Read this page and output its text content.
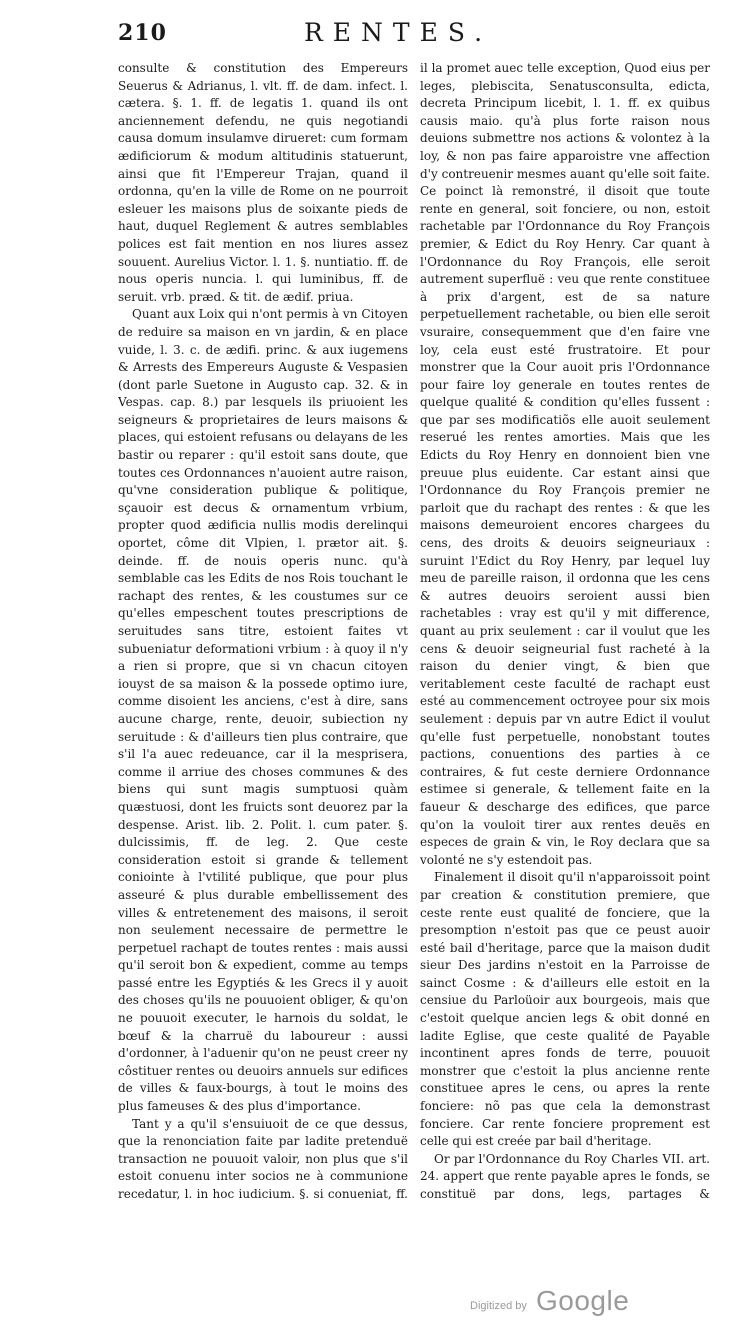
210	RENTES.

consulte & constitution des Empereurs Seuerus & Adrianus, l. vlt. ff. de dam. infect. l. cætera. §. 1. ff. de legatis 1. quand ils ont anciennement defendu, ne quis negotiandi causa domum insulamve dirueret: cum formam ædificiorum & modum altitudinis statuerunt, ainsi que fit l'Empereur Trajan, quand il ordonna, qu'en la ville de Rome on ne pourroit esleuer les maisons plus de soixante pieds de haut, duquel Reglement & autres semblables polices est fait mention en nos liures assez souuent. Aurelius Victor. l. 1. §. nuntiatio. ff. de nous operis nuncia. l. qui luminibus, ff. de seruit. vrb. præd. & tit. de ædif. priua.

Quant aux Loix qui n'ont permis à vn Citoyen de reduire sa maison en vn jardin, & en place vuide, l. 3. c. de ædifi. princ. & aux iugemens & Arrests des Empereurs Auguste & Vespasien (dont parle Suetone in Augusto cap. 32. & in Vespas. cap. 8.) par lesquels ils priuoient les seigneurs & proprietaires de leurs maisons & places, qui estoient refusans ou delayans de les bastir ou reparer : qu'il estoit sans doute, que toutes ces Ordonnances n'auoient autre raison, qu'vne consideration publique & politique, sçauoir est decus & ornamentum vrbium, propter quod ædificia nullis modis derelinqui oportet, côme dit Vlpien, l. prætor ait. §. deinde. ff. de nouis operis nunc. qu'à semblable cas les Edits de nos Rois touchant le rachapt des rentes, & les coustumes sur ce qu'elles empeschent toutes prescriptions de seruitudes sans titre, estoient faites vt subueniatur deformationi vrbium : à quoy il n'y a rien si propre, que si vn chacun citoyen iouyst de sa maison & la possede optimo iure, comme disoient les anciens, c'est à dire, sans aucune charge, rente, deuoir, subiection ny seruitude : & d'ailleurs tien plus contraire, que s'il l'a auec redeuance, car il la mesprisera, comme il arriue des choses communes & des biens qui sunt magis sumptuosi quàm quæstuosi, dont les fruicts sont deuorez par la despense. Arist. lib. 2. Polit. l. cum pater. §. dulcissimis, ff. de leg. 2. Que ceste consideration estoit si grande & tellement coniointe à l'vtilité publique, que pour plus asseuré & plus durable embellissement des villes & entretenement des maisons, il seroit non seulement necessaire de permettre le perpetuel rachapt de toutes rentes : mais aussi qu'il seroit bon & expedient, comme au temps passé entre les Egyptiés & les Grecs il y auoit des choses qu'ils ne pouuoient obliger, & qu'on ne pouuoit executer, le harnois du soldat, le bœuf & la charruë du laboureur : aussi d'ordonner, à l'aduenir qu'on ne peust creer ny côstituer rentes ou deuoirs annuels sur edifices de villes & faux-bourgs, à tout le moins des plus fameuses & des plus d'importance.

Tant y a qu'il s'ensuiuoit de ce que dessus, que la renonciation faite par ladite pretenduë transaction ne pouuoit valoir, non plus que s'il estoit conuenu inter socios ne à communione recedatur, l. in hoc iudicium. §. si conueniat, ff.

il la promet auec telle exception, Quod eius per leges, plebiscita, Senatusconsulta, edicta, decreta Principum licebit, l. 1. ff. ex quibus causis maio. qu'à plus forte raison nous deuions submettre nos actions & volontez à la loy, & non pas faire apparoistre vne affection d'y contreuenir mesmes auant qu'elle soit faite. Ce poinct là remonstré, il disoit que toute rente en general, soit fonciere, ou non, estoit rachetable par l'Ordonnance du Roy François premier, & Edict du Roy Henry. Car quant à l'Ordonnance du Roy François, elle seroit autrement superfluë : veu que rente constituee à prix d'argent, est de sa nature perpetuellement rachetable, ou bien elle seroit vsuraire, consequemment que d'en faire vne loy, cela eust esté frustratoire. Et pour monstrer que la Cour auoit pris l'Ordonnance pour faire loy generale en toutes rentes de quelque qualité & condition qu'elles fussent : que par ses modificatiõs elle auoit seulement reserué les rentes amorties. Mais que les Edicts du Roy Henry en donnoient bien vne preuue plus euidente. Car estant ainsi que l'Ordonnance du Roy François premier ne parloit que du rachapt des rentes : & que les maisons demeuroient encores chargees du cens, des droits & deuoirs seigneuriaux : suruint l'Edict du Roy Henry, par lequel luy meu de pareille raison, il ordonna que les cens & autres deuoirs seroient aussi bien rachetables : vray est qu'il y mit difference, quant au prix seulement : car il voulut que les cens & deuoir seigneurial fust racheté à la raison du denier vingt, & bien que veritablement ceste faculté de rachapt eust esté au commencement octroyee pour six mois seulement : depuis par vn autre Edict il voulut qu'elle fust perpetuelle, nonobstant toutes pactions, conuentions des parties à ce contraires, & fut ceste derniere Ordonnance estimee si generale, & tellement faite en la faueur & descharge des edifices, que parce qu'on la vouloit tirer aux rentes deuës en especes de grain & vin, le Roy declara que sa volonté ne s'y estendoit pas.

Finalement il disoit qu'il n'apparoissoit point par creation & constitution premiere, que ceste rente eust qualité de fonciere, que la presomption n'estoit pas que ce peust auoir esté bail d'heritage, parce que la maison dudit sieur Des jardins n'estoit en la Parroisse de sainct Cosme : & d'ailleurs elle estoit en la censiue du Parloüoir aux bourgeois, mais que c'estoit quelque ancien legs & obit donné en ladite Eglise, que ceste qualité de Payable incontinent apres fonds de terre, pouuoit monstrer que c'estoit la plus ancienne rente constituee apres le cens, ou apres la rente fonciere: nõ pas que cela la demonstrast fonciere. Car rente fonciere proprement est celle qui est creée par bail d'heritage.

Or par l'Ordonnance du Roy Charles VII. art. 24. appert que rente payable apres le fonds, se constituë par dons, legs, partages &

Digitized by Google
